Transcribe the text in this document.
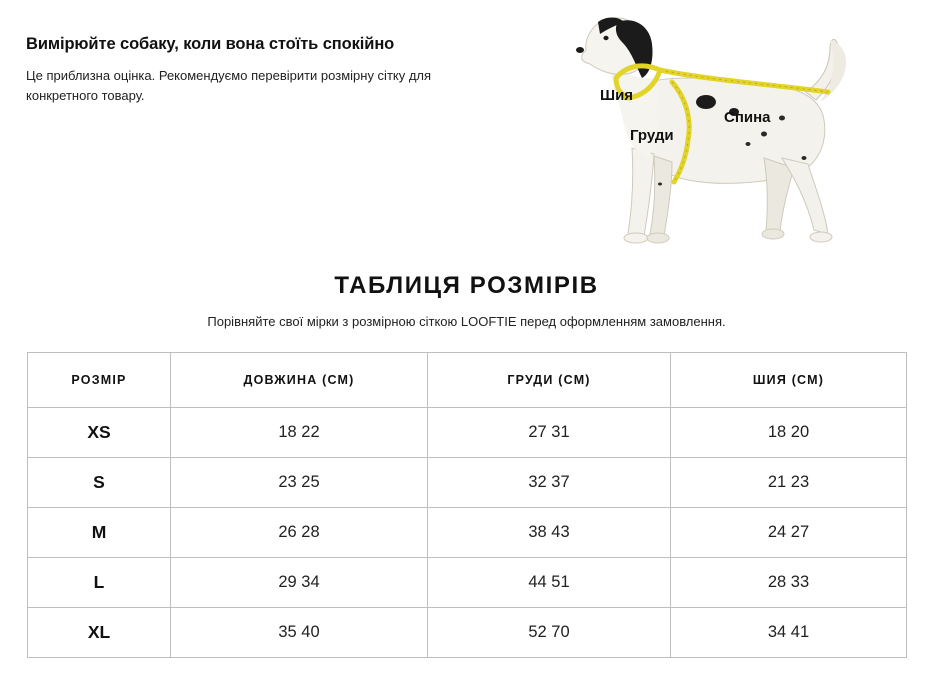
Вимірюйте собаку, коли вона стоїть спокійно
Це приблизна оцінка. Рекомендуємо перевірити розмірну сітку для конкретного товару.	Шия
Груди
Спина
ТАБЛИЦЯ РОЗМІРІВ
Порівняйте свої мірки з розмірною сіткою LOOFTIE перед оформленням замовлення.
РОЗМІР	ДОВЖИНА (СМ)	ГРУДИ (СМ)	ШИЯ (СМ)
XS	18 22	27 31	18 20
S	23 25	32 37	21 23
M	26 28	38 43	24 27
L	29 34	44 51	28 33
XL	35 40	52 70	34 41
